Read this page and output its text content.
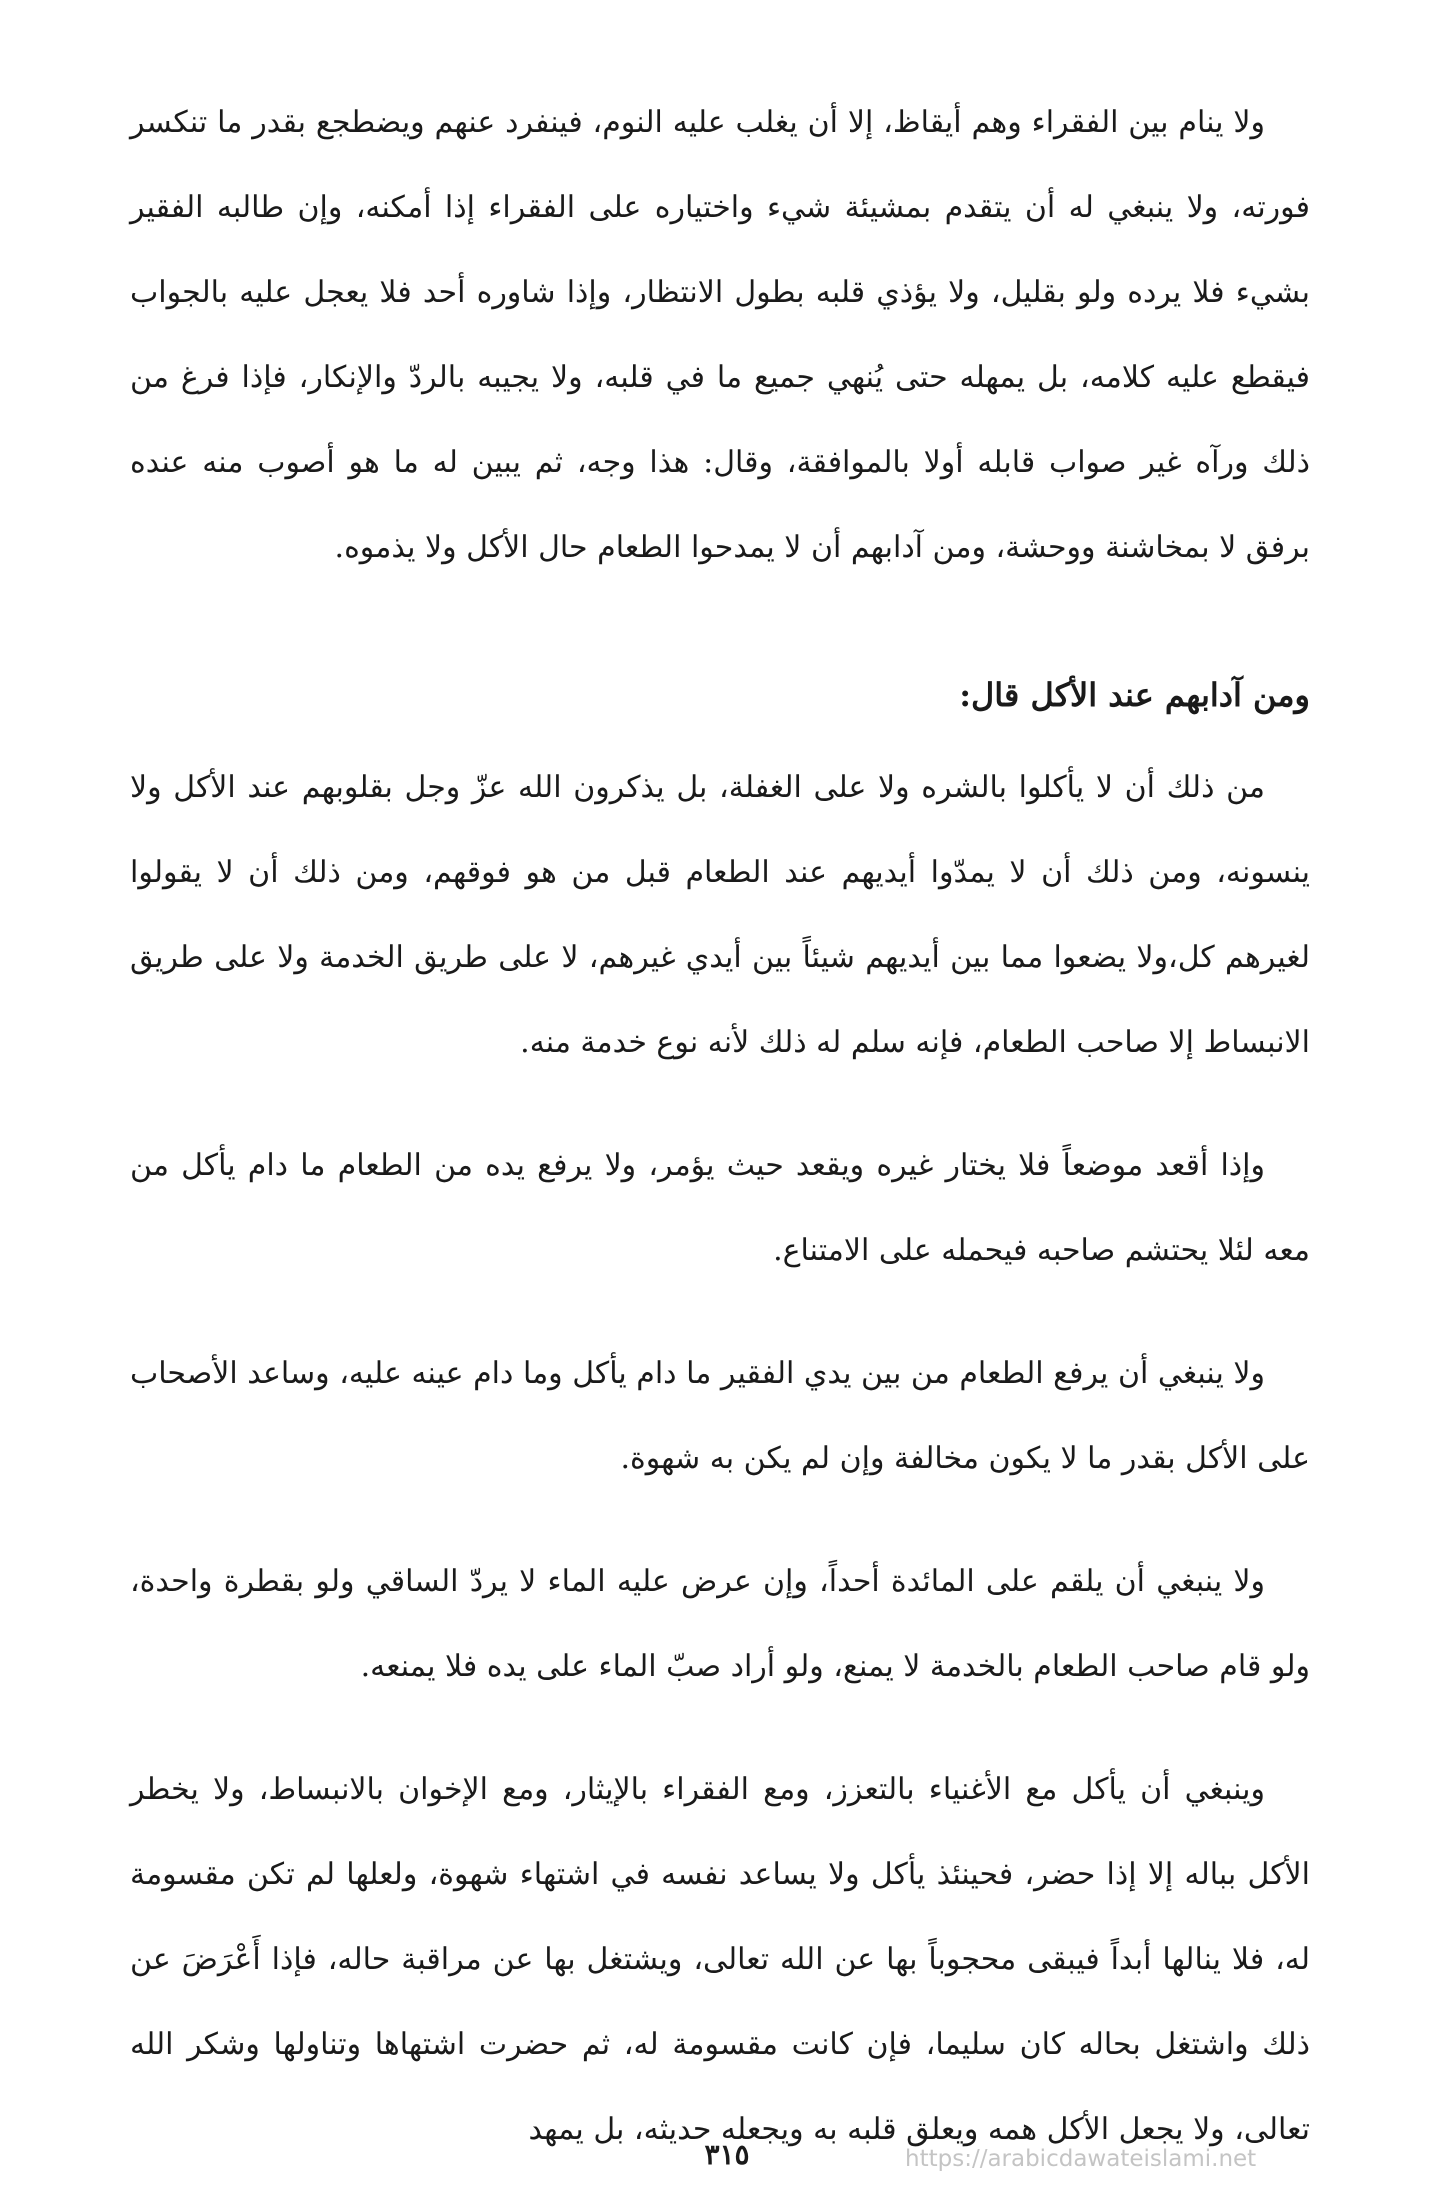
ولا ينام بين الفقراء وهم أيقاظ، إلا أن يغلب عليه النوم، فينفرد عنهم ويضطجع بقدر ما تنكسر فورته، ولا ينبغي له أن يتقدم بمشيئة شيء واختياره على الفقراء إذا أمكنه، وإن طالبه الفقير بشيء فلا يرده ولو بقليل، ولا يؤذي قلبه بطول الانتظار، وإذا شاوره أحد فلا يعجل عليه بالجواب فيقطع عليه كلامه، بل يمهله حتى يُنهي جميع ما في قلبه، ولا يجيبه بالردّ والإنكار، فإذا فرغ من ذلك ورآه غير صواب قابله أولا بالموافقة، وقال: هذا وجه، ثم يبين له ما هو أصوب منه عنده برفق لا بمخاشنة ووحشة، ومن آدابهم أن لا يمدحوا الطعام حال الأكل ولا يذموه.

ومن آدابهم عند الأكل قال:

من ذلك أن لا يأكلوا بالشره ولا على الغفلة، بل يذكرون الله عزّ وجل بقلوبهم عند الأكل ولا ينسونه، ومن ذلك أن لا يمدّوا أيديهم عند الطعام قبل من هو فوقهم، ومن ذلك أن لا يقولوا لغيرهم كل،ولا يضعوا مما بين أيديهم شيئاً بين أيدي غيرهم، لا على طريق الخدمة ولا على طريق الانبساط إلا صاحب الطعام، فإنه سلم له ذلك لأنه نوع خدمة منه.

وإذا أقعد موضعاً فلا يختار غيره ويقعد حيث يؤمر، ولا يرفع يده من الطعام ما دام يأكل من معه لئلا يحتشم صاحبه فيحمله على الامتناع.

ولا ينبغي أن يرفع الطعام من بين يدي الفقير ما دام يأكل وما دام عينه عليه، وساعد الأصحاب على الأكل بقدر ما لا يكون مخالفة وإن لم يكن به شهوة.

ولا ينبغي أن يلقم على المائدة أحداً، وإن عرض عليه الماء لا يردّ الساقي ولو بقطرة واحدة، ولو قام صاحب الطعام بالخدمة لا يمنع، ولو أراد صبّ الماء على يده فلا يمنعه.

وينبغي أن يأكل مع الأغنياء بالتعزز، ومع الفقراء بالإيثار، ومع الإخوان بالانبساط، ولا يخطر الأكل بباله إلا إذا حضر، فحينئذ يأكل ولا يساعد نفسه في اشتهاء شهوة، ولعلها لم تكن مقسومة له، فلا ينالها أبداً فيبقى محجوباً بها عن الله تعالى، ويشتغل بها عن مراقبة حاله، فإذا أَعْرَضَ عن ذلك واشتغل بحاله كان سليما، فإن كانت مقسومة له، ثم حضرت اشتهاها وتناولها وشكر الله تعالى، ولا يجعل الأكل همه ويعلق قلبه به ويجعله حديثه، بل يمهد

٣١٥	https://arabicdawateislami.net
